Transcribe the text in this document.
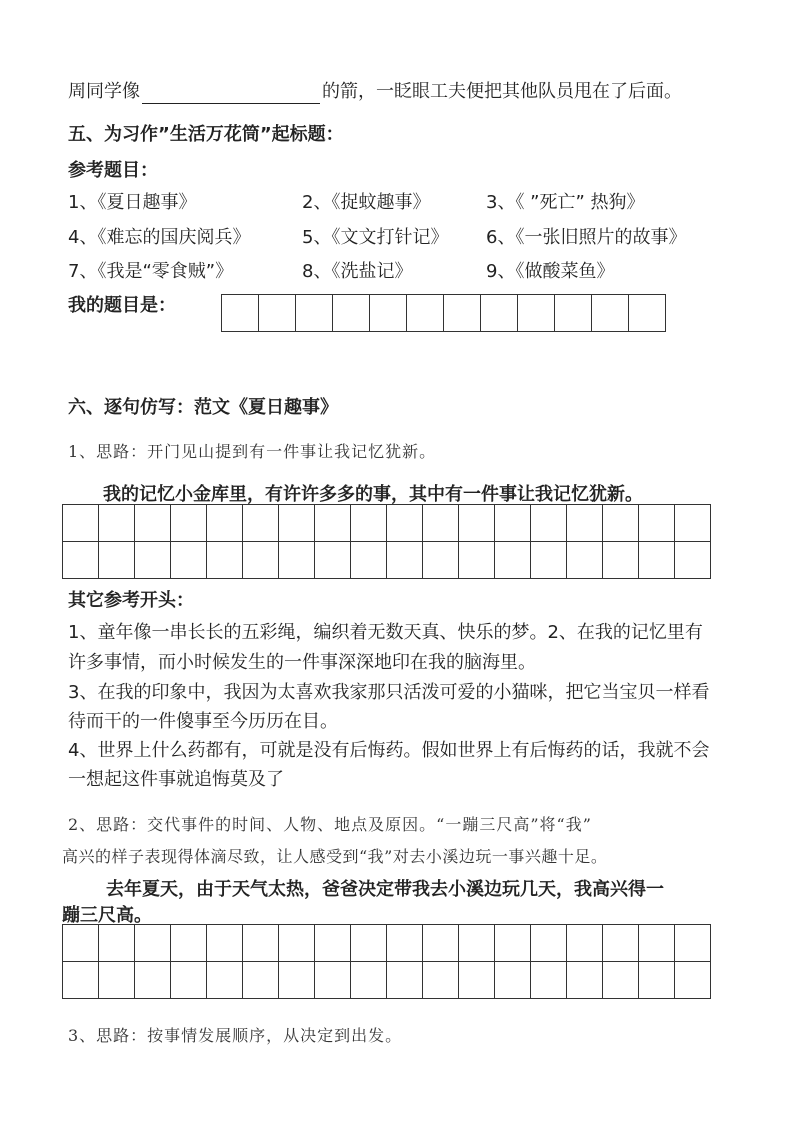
周同学像	的箭，一眨眼工夫便把其他队员甩在了后面。
五、为习作”生活万花筒”起标题：
参考题目：
1、《夏日趣事》	2、《捉蚊趣事》	3、《 ”死亡” 热狗》
4、《难忘的国庆阅兵》	5、《文文打针记》 6、《一张旧照片的故事》
7、《我是“零食贼”》	8、《洗盐记》	9、《做酸菜鱼》
我的题目是：

六、逐句仿写：范文《夏日趣事》
1、思路：开门见山提到有一件事让我记忆犹新。
我的记忆小金库里，有许许多多的事，其中有一件事让我记忆犹新。

其它参考开头：
1、童年像一串长长的五彩绳，编织着无数天真、快乐的梦。2、在我的记忆里有
许多事情，而小时候发生的一件事深深地印在我的脑海里。
3、在我的印象中，我因为太喜欢我家那只活泼可爱的小猫咪，把它当宝贝一样看
待而干的一件傻事至今历历在目。
4、世界上什么药都有，可就是没有后悔药。假如世界上有后悔药的话，我就不会
一想起这件事就追悔莫及了
2、思路：交代事件的时间、人物、地点及原因。“一蹦三尺高”将“我”
高兴的样子表现得体滴尽致，让人感受到“我”对去小溪边玩一事兴趣十足。
去年夏天，由于天气太热，爸爸决定带我去小溪边玩几天，我高兴得一
蹦三尺高。

3、思路：按事情发展顺序，从决定到出发。
